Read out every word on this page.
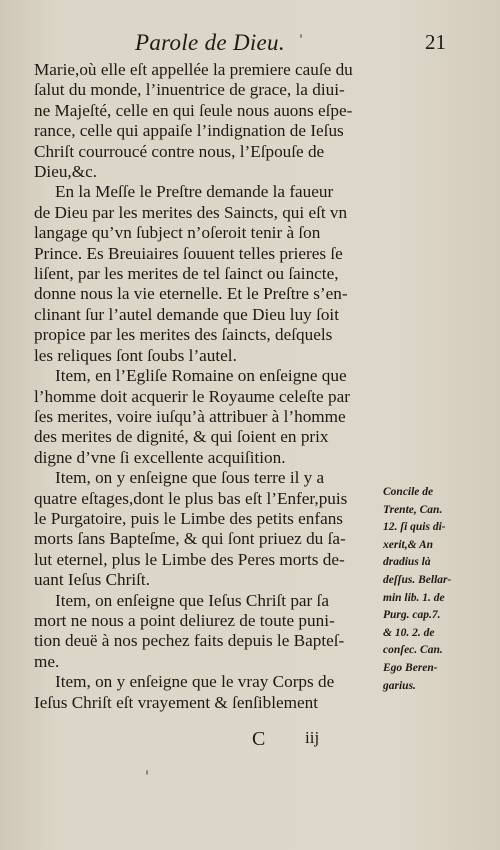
Parole de Dieu.	21
Marie,où elle eſt appellée la premiere cauſe du
ſalut du monde, l’inuentrice de grace, la diui-
ne Majeſté, celle en qui ſeule nous auons eſpe-
rance, celle qui appaiſe l’indignation de Ieſus
Chriſt courroucé contre nous, l’Eſpouſe de
Dieu,&c.
En la Meſſe le Preſtre demande la faueur
de Dieu par les merites des Saincts, qui eſt vn
langage qu’vn ſubject n’oſeroit tenir à ſon
Prince. Es Breuiaires ſouuent telles prieres ſe
liſent, par les merites de tel ſainct ou ſaincte,
donne nous la vie eternelle. Et le Preſtre s’en-
clinant ſur l’autel demande que Dieu luy ſoit
propice par les merites des ſaincts, deſquels
les reliques ſont ſoubs l’autel.
Item, en l’Egliſe Romaine on enſeigne que
l’homme doit acquerir le Royaume celeſte par
ſes merites, voire iuſqu’à attribuer à l’homme
des merites de dignité, & qui ſoient en prix
digne d’vne ſi excellente acquiſition.
Item, on y enſeigne que ſous terre il y a
quatre eſtages,dont le plus bas eſt l’Enfer,puis
le Purgatoire, puis le Limbe des petits enfans
morts ſans Bapteſme, & qui ſont priuez du ſa-
lut eternel, plus le Limbe des Peres morts de-
uant Ieſus Chriſt.
Item, on enſeigne que Ieſus Chriſt par ſa
mort ne nous a point deliurez de toute puni-
tion deuë à nos pechez faits depuis le Bapteſ-
me.
Item, on y enſeigne que le vray Corps de
Ieſus Chriſt eſt vrayement & ſenſiblement
Concile de
Trente, Can.
12. ſi quis di-
xerit,& An
dradius là
deſſus. Bellar-
min lib. 1. de
Purg. cap.7.
& 10. 2. de
conſec. Can.
Ego Beren-
garius.
C iij
